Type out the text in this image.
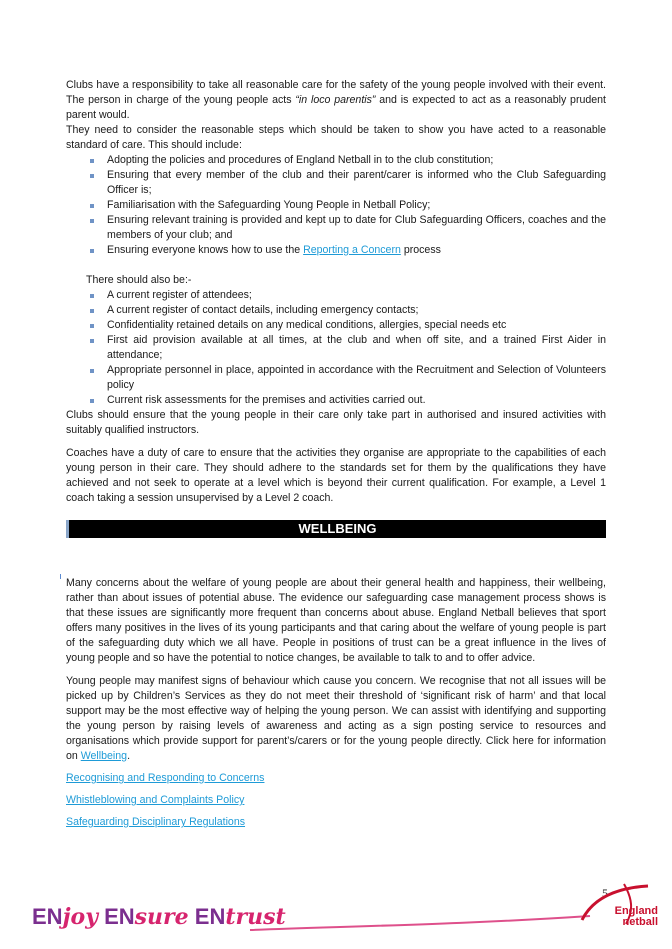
Clubs have a responsibility to take all reasonable care for the safety of the young people involved with their event. The person in charge of the young people acts “in loco parentis” and is expected to act as a reasonably prudent parent would.

They need to consider the reasonable steps which should be taken to show you have acted to a reasonable standard of care. This should include:

Adopting the policies and procedures of England Netball in to the club constitution;
Ensuring that every member of the club and their parent/carer is informed who the Club Safeguarding Officer is;
Familiarisation with the Safeguarding Young People in Netball Policy;
Ensuring relevant training is provided and kept up to date for Club Safeguarding Officers, coaches and the members of your club; and
Ensuring everyone knows how to use the Reporting a Concern process

There should also be:-

A current register of attendees;
A current register of contact details, including emergency contacts;
Confidentiality retained details on any medical conditions, allergies, special needs etc
First aid provision available at all times, at the club and when off site, and a trained First Aider in attendance;
Appropriate personnel in place, appointed in accordance with the Recruitment and Selection of Volunteers policy
Current risk assessments for the premises and activities carried out.

Clubs should ensure that the young people in their care only take part in authorised and insured activities with suitably qualified instructors.

Coaches have a duty of care to ensure that the activities they organise are appropriate to the capabilities of each young person in their care. They should adhere to the standards set for them by the qualifications they have achieved and not seek to operate at a level which is beyond their current qualification. For example, a Level 1 coach taking a session unsupervised by a Level 2 coach.

WELLBEING

Many concerns about the welfare of young people are about their general health and happiness, their wellbeing, rather than about issues of potential abuse. The evidence our safeguarding case management process shows is that these issues are significantly more frequent than concerns about abuse. England Netball believes that sport offers many positives in the lives of its young participants and that caring about the welfare of young people is part of the safeguarding duty which we all have. People in positions of trust can be a great influence in the lives of young people and so have the potential to notice changes, be available to talk to and to offer advice.

Young people may manifest signs of behaviour which cause you concern. We recognise that not all issues will be picked up by Children’s Services as they do not meet their threshold of ‘significant risk of harm’ and that local support may be the most effective way of helping the young person. We can assist with identifying and supporting the young person by raising levels of awareness and acting as a sign posting service to resources and organisations which provide support for parent’s/carers or for the young people directly. Click here for information on Wellbeing.

Recognising and Responding to Concerns

Whistleblowing and Complaints Policy

Safeguarding Disciplinary Regulations

ENjoy ENsure ENtrust
5
England
netball
